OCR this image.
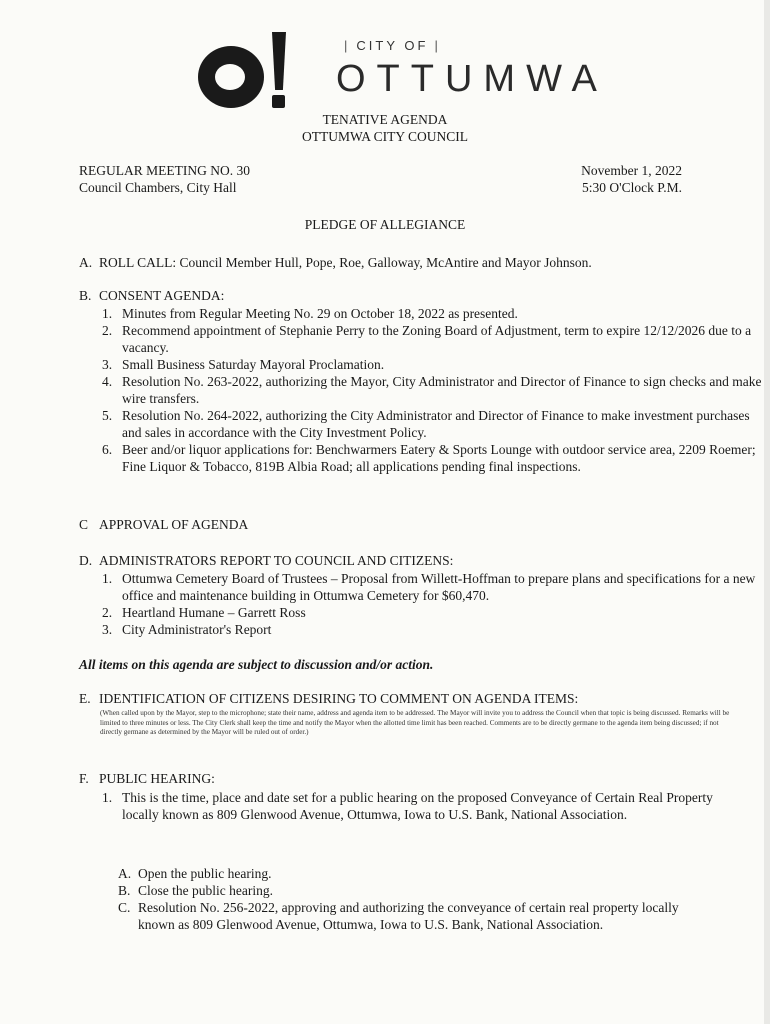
| CITY OF |
OTTUMWA
TENATIVE AGENDA
OTTUMWA CITY COUNCIL
REGULAR MEETING NO. 30
Council Chambers, City Hall
November 1, 2022
5:30 O'Clock P.M.
PLEDGE OF ALLEGIANCE
A. ROLL CALL: Council Member Hull, Pope, Roe, Galloway, McAntire and Mayor Johnson.
B. CONSENT AGENDA:
1. Minutes from Regular Meeting No. 29 on October 18, 2022 as presented.
2. Recommend appointment of Stephanie Perry to the Zoning Board of Adjustment, term to expire 12/12/2026 due to a vacancy.
3. Small Business Saturday Mayoral Proclamation.
4. Resolution No. 263-2022, authorizing the Mayor, City Administrator and Director of Finance to sign checks and make wire transfers.
5. Resolution No. 264-2022, authorizing the City Administrator and Director of Finance to make investment purchases and sales in accordance with the City Investment Policy.
6. Beer and/or liquor applications for: Benchwarmers Eatery & Sports Lounge with outdoor service area, 2209 Roemer; Fine Liquor & Tobacco, 819B Albia Road; all applications pending final inspections.
C APPROVAL OF AGENDA
D. ADMINISTRATORS REPORT TO COUNCIL AND CITIZENS:
1. Ottumwa Cemetery Board of Trustees – Proposal from Willett-Hoffman to prepare plans and specifications for a new office and maintenance building in Ottumwa Cemetery for $60,470.
2. Heartland Humane – Garrett Ross
3. City Administrator's Report
All items on this agenda are subject to discussion and/or action.
E. IDENTIFICATION OF CITIZENS DESIRING TO COMMENT ON AGENDA ITEMS:
(When called upon by the Mayor, step to the microphone; state their name, address and agenda item to be addressed. The Mayor will invite you to address the Council when that topic is being discussed. Remarks will be limited to three minutes or less. The City Clerk shall keep the time and notify the Mayor when the allotted time limit has been reached. Comments are to be directly germane to the agenda item being discussed; if not directly germane as determined by the Mayor will be ruled out of order.)
F. PUBLIC HEARING:
1. This is the time, place and date set for a public hearing on the proposed Conveyance of Certain Real Property locally known as 809 Glenwood Avenue, Ottumwa, Iowa to U.S. Bank, National Association.
A. Open the public hearing.
B. Close the public hearing.
C. Resolution No. 256-2022, approving and authorizing the conveyance of certain real property locally known as 809 Glenwood Avenue, Ottumwa, Iowa to U.S. Bank, National Association.
